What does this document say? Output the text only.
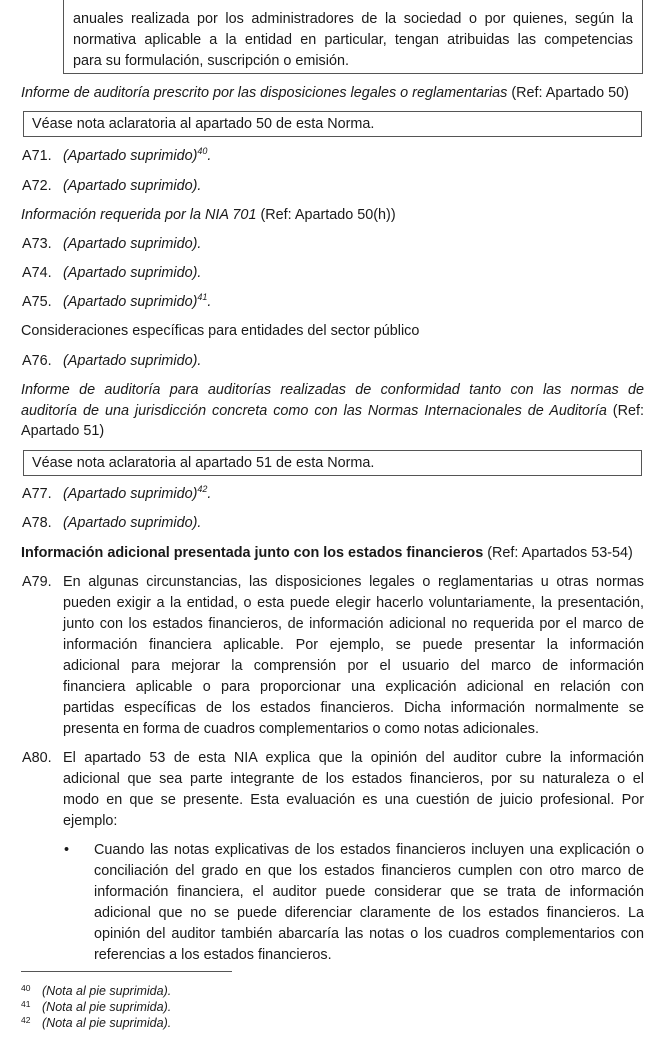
anuales realizada por los administradores de la sociedad o por quienes, según la
normativa aplicable a la entidad en particular, tengan atribuidas las competencias
para su formulación, suscripción o emisión.
Informe de auditoría prescrito por las disposiciones legales o reglamentarias (Ref: Apartado 50)
Véase nota aclaratoria al apartado 50 de esta Norma.
A71. (Apartado suprimido)$^{40}$.
A72. (Apartado suprimido).
Información requerida por la NIA 701 (Ref: Apartado 50(h))
A73. (Apartado suprimido).
A74. (Apartado suprimido).
A75. (Apartado suprimido)$^{41}$.
Consideraciones específicas para entidades del sector público
A76. (Apartado suprimido).
Informe de auditoría para auditorías realizadas de conformidad tanto con las normas de
auditoría de una jurisdicción concreta como con las Normas Internacionales de Auditoría (Ref:
Apartado 51)
Véase nota aclaratoria al apartado 51 de esta Norma.
A77. (Apartado suprimido)$^{42}$.
A78. (Apartado suprimido).
Información adicional presentada junto con los estados financieros (Ref: Apartados 53-54)
A79. En algunas circunstancias, las disposiciones legales o reglamentarias u otras normas
pueden exigir a la entidad, o esta puede elegir hacerlo voluntariamente, la presentación,
junto con los estados financieros, de información adicional no requerida por el marco de
información financiera aplicable. Por ejemplo, se puede presentar la información
adicional para mejorar la comprensión por el usuario del marco de información
financiera aplicable o para proporcionar una explicación adicional en relación con
partidas específicas de los estados financieros. Dicha información normalmente se
presenta en forma de cuadros complementarios o como notas adicionales.
A80. El apartado 53 de esta NIA explica que la opinión del auditor cubre la información
adicional que sea parte integrante de los estados financieros, por su naturaleza o el
modo en que se presente. Esta evaluación es una cuestión de juicio profesional. Por
ejemplo:
• Cuando las notas explicativas de los estados financieros incluyen una explicación o
conciliación del grado en que los estados financieros cumplen con otro marco de
información financiera, el auditor puede considerar que se trata de información
adicional que no se puede diferenciar claramente de los estados financieros. La
opinión del auditor también abarcaría las notas o los cuadros complementarios con
referencias a los estados financieros.
40 (Nota al pie suprimida).
41 (Nota al pie suprimida).
42 (Nota al pie suprimida).
